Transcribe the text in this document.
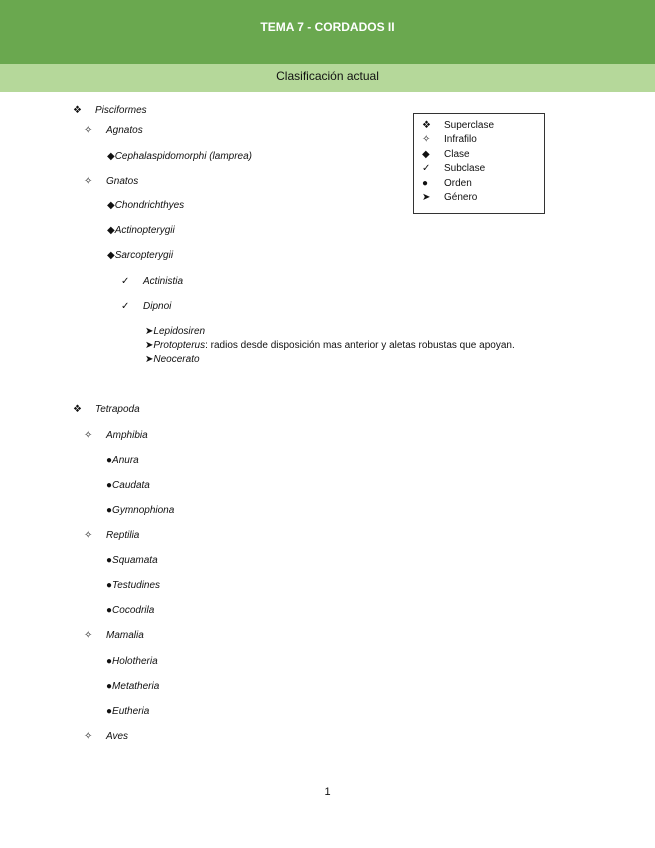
TEMA 7 - CORDADOS II
Clasificación actual
❖ Superclase
✧ Infrafilo
◆ Clase
✓ Subclase
● Orden
➤ Género
❖ Pisciformes
✧ Agnatos
◆Cephalaspidomorphi (lamprea)
✧ Gnatos
◆Chondrichthyes
◆Actinopterygii
◆Sarcopterygii
✓ Actinistia
✓ Dipnoi
➤Lepidosiren
➤Protopterus: radios desde disposición mas anterior y aletas robustas que apoyan.
➤Neocerato
❖ Tetrapoda
✧ Amphibia
●Anura
●Caudata
●Gymnophiona
✧ Reptilia
●Squamata
●Testudines
●Cocodrila
✧ Mamalia
●Holotheria
●Metatheria
●Eutheria
✧ Aves
1
